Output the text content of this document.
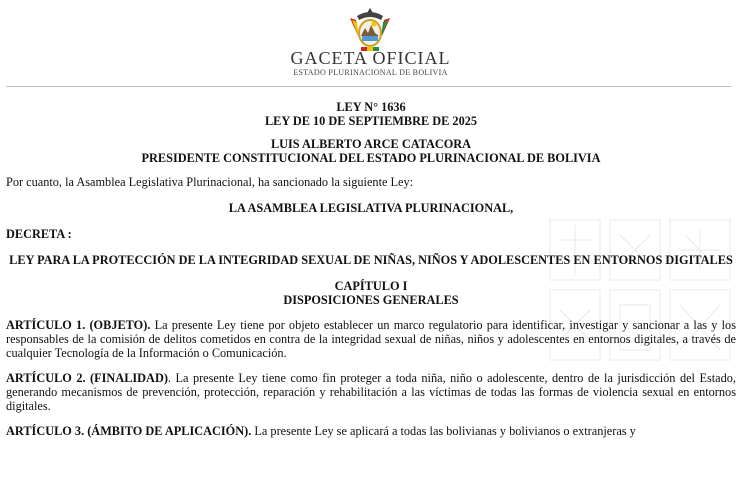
GACETA OFICIAL
ESTADO PLURINACIONAL DE BOLIVIA

LEY N° 1636

LEY DE 10 DE SEPTIEMBRE DE 2025

LUIS ALBERTO ARCE CATACORA

PRESIDENTE CONSTITUCIONAL DEL ESTADO PLURINACIONAL DE BOLIVIA

Por cuanto, la Asamblea Legislativa Plurinacional, ha sancionado la siguiente Ley:

LA ASAMBLEA LEGISLATIVA PLURINACIONAL,

DECRETA :

LEY PARA LA PROTECCIÓN DE LA INTEGRIDAD SEXUAL DE NIÑAS, NIÑOS Y ADOLESCENTES EN ENTORNOS DIGITALES

CAPÍTULO I

DISPOSICIONES GENERALES

ARTÍCULO 1. (OBJETO). La presente Ley tiene por objeto establecer un marco regulatorio para identificar, investigar y sancionar a las y los responsables de la comisión de delitos cometidos en contra de la integridad sexual de niñas, niños y adolescentes en entornos digitales, a través de cualquier Tecnología de la Información o Comunicación.

ARTÍCULO 2. (FINALIDAD). La presente Ley tiene como fin proteger a toda niña, niño o adolescente, dentro de la jurisdicción del Estado, generando mecanismos de prevención, protección, reparación y rehabilitación a las víctimas de todas las formas de violencia sexual en entornos digitales.

ARTÍCULO 3. (ÁMBITO DE APLICACIÓN). La presente Ley se aplicará a todas las bolivianas y bolivianos o extranjeras y
